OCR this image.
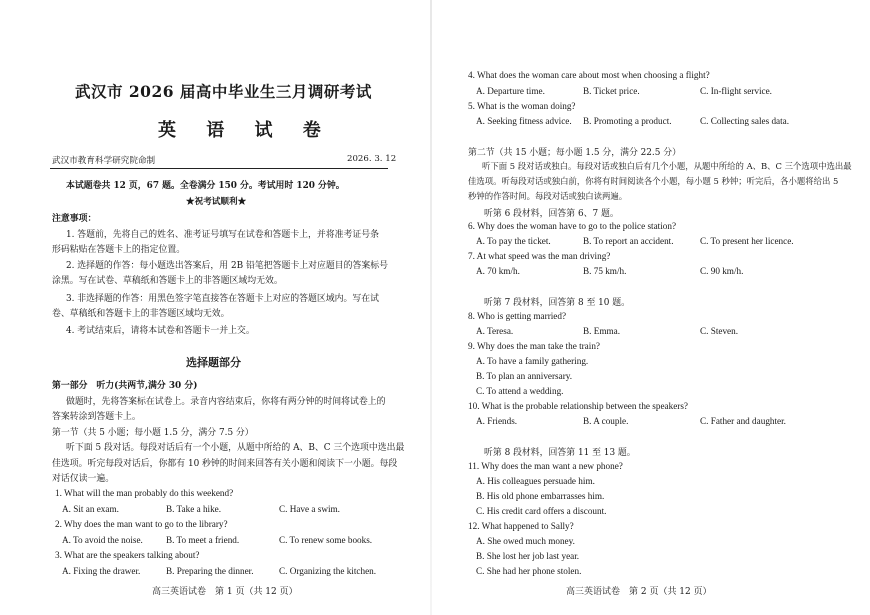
武汉市 2026 届高中毕业生三月调研考试
英 语 试 卷
武汉市教育科学研究院命制	2026. 3. 12
本试题卷共 12 页，67 题。全卷满分 150 分。考试用时 120 分钟。
★祝考试顺利★
注意事项：
1. 答题前，先将自己的姓名、准考证号填写在试卷和答题卡上，并将准考证号条
形码粘贴在答题卡上的指定位置。
2. 选择题的作答：每小题选出答案后，用 2B 铅笔把答题卡上对应题目的答案标号
涂黑。写在试卷、草稿纸和答题卡上的非答题区域均无效。
3. 非选择题的作答：用黑色签字笔直接答在答题卡上对应的答题区域内。写在试
卷、草稿纸和答题卡上的非答题区域均无效。
4. 考试结束后，请将本试卷和答题卡一并上交。
选择题部分
第一部分　听力(共两节,满分 30 分)
做题时，先将答案标在试卷上。录音内容结束后，你将有两分钟的时间将试卷上的
答案转涂到答题卡上。
第一节（共 5 小题；每小题 1.5 分，满分 7.5 分）
听下面 5 段对话。每段对话后有一个小题，从题中所给的 A、B、C 三个选项中选出最
佳选项。听完每段对话后，你都有 10 秒钟的时间来回答有关小题和阅读下一小题。每段
对话仅读一遍。
1. What will the man probably do this weekend?
A. Sit an exam.	B. Take a hike.	C. Have a swim.
2. Why does the man want to go to the library?
A. To avoid the noise.	B. To meet a friend.	C. To renew some books.
3. What are the speakers talking about?
A. Fixing the drawer.	B. Preparing the dinner.	C. Organizing the kitchen.
高三英语试卷　第 1 页（共 12 页）
4. What does the woman care about most when choosing a flight?
A. Departure time.	B. Ticket price.	C. In-flight service.
5. What is the woman doing?
A. Seeking fitness advice. B. Promoting a product.	C. Collecting sales data.
第二节（共 15 小题；每小题 1.5 分，满分 22.5 分）
听下面 5 段对话或独白。每段对话或独白后有几个小题，从题中所给的 A、B、C 三个选项中选出最
佳选项。听每段对话或独白前，你将有时间阅读各个小题，每小题 5 秒钟；听完后，各小题将给出 5
秒钟的作答时间。每段对话或独白读两遍。
听第 6 段材料，回答第 6、7 题。
6. Why does the woman have to go to the police station?
A. To pay the ticket.	B. To report an accident.	C. To present her licence.
7. At what speed was the man driving?
A. 70 km/h.	B. 75 km/h.	C. 90 km/h.
听第 7 段材料，回答第 8 至 10 题。
8. Who is getting married?
A. Teresa.	B. Emma.	C. Steven.
9. Why does the man take the train?
A. To have a family gathering.
B. To plan an anniversary.
C. To attend a wedding.
10. What is the probable relationship between the speakers?
A. Friends.	B. A couple.	C. Father and daughter.
听第 8 段材料，回答第 11 至 13 题。
11. Why does the man want a new phone?
A. His colleagues persuade him.
B. His old phone embarrasses him.
C. His credit card offers a discount.
12. What happened to Sally?
A. She owed much money.
B. She lost her job last year.
C. She had her phone stolen.
高三英语试卷　第 2 页（共 12 页）
